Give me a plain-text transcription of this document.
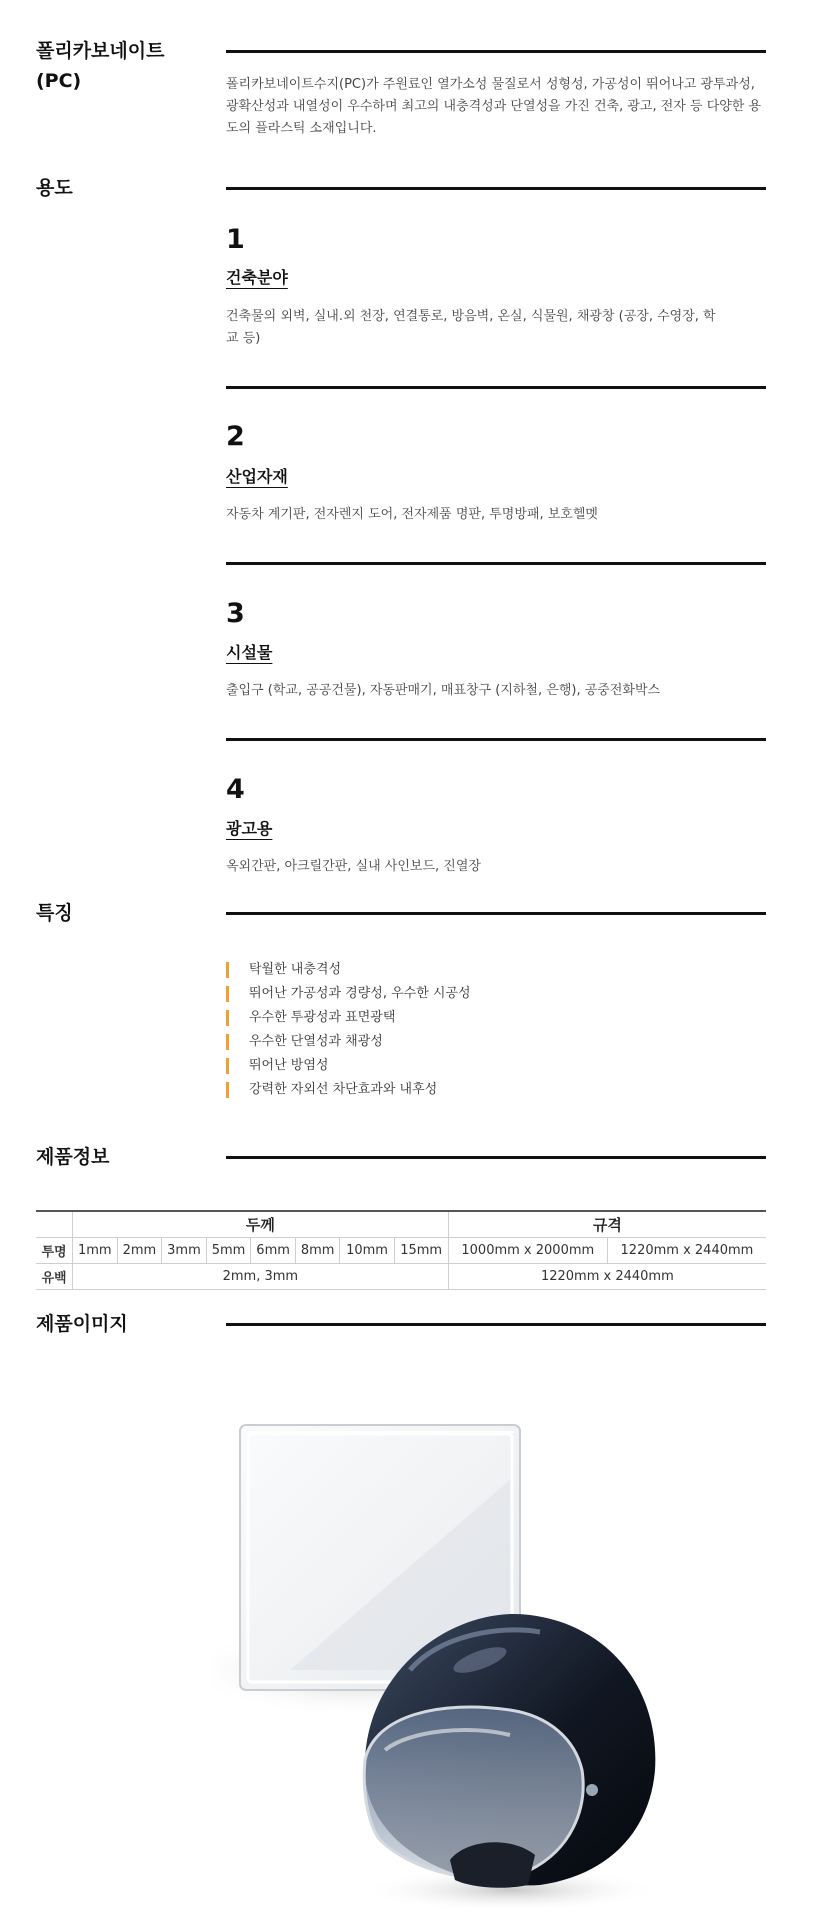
폴리카보네이트
(PC)	폴리카보네이트수지(PC)가 주원료인 열가소성 물질로서 성형성, 가공성이 뛰어나고 광투과성, 광확산성과 내열성이 우수하며 최고의 내충격성과 단열성을 가진 건축, 광고, 전자 등 다양한 용도의 플라스틱 소재입니다.

용도
1
건축분야

건축물의 외벽, 실내.외 천장, 연결통로, 방음벽, 온실, 식물원, 채광창 (공장, 수영장, 학교 등)

2
산업자재

자동차 계기판, 전자렌지 도어, 전자제품 명판, 투명방패, 보호헬멧

3
시설물

출입구 (학교, 공공건물), 자동판매기, 매표창구 (지하철, 은행), 공중전화박스

4
광고용

옥외간판, 아크릴간판, 실내 사인보드, 진열장

특징
탁월한 내충격성
뛰어난 가공성과 경량성, 우수한 시공성
우수한 투광성과 표면광택
우수한 단열성과 채광성
뛰어난 방염성
강력한 자외선 차단효과와 내후성
제품정보
	두께								규격	
투명	1mm	2mm	3mm	5mm	6mm	8mm	10mm	15mm	1000mm x 2000mm	1220mm x 2440mm
유백	2mm, 3mm								1220mm x 2440mm	
제품이미지
